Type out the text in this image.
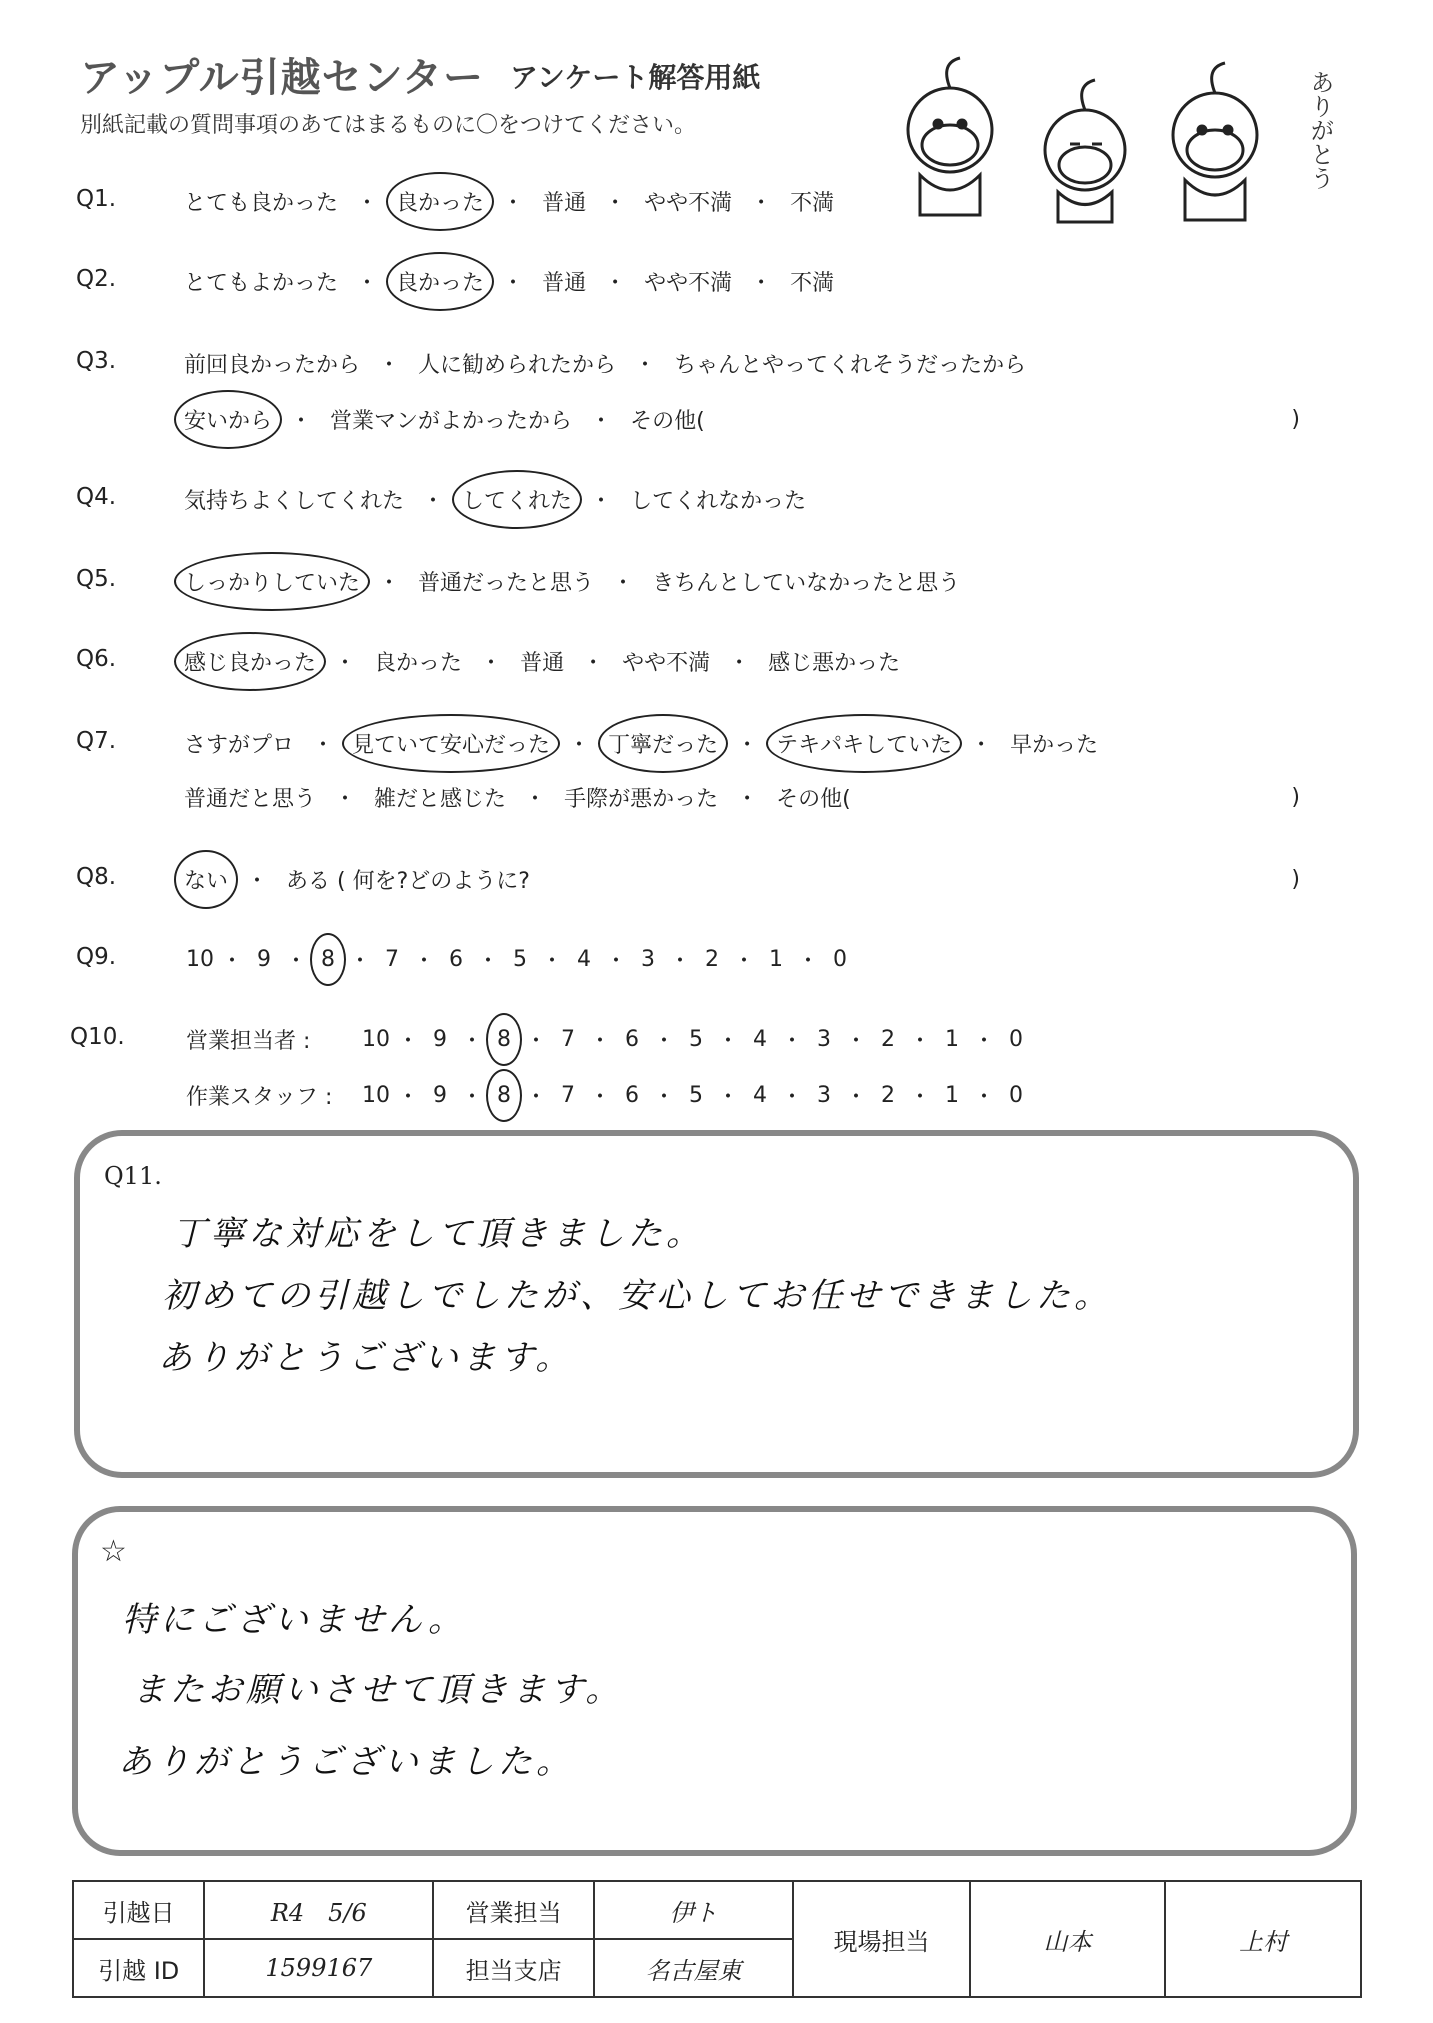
アップル引越センター アンケート解答用紙
別紙記載の質問事項のあてはまるものに〇をつけてください。	ありがとう
Q1.	とても良かった ・ 良かった ・ 普通 ・ やや不満 ・ 不満
Q2.	とてもよかった ・ 良かった ・ 普通 ・ やや不満 ・ 不満
Q3.	前回良かったから ・ 人に勧められたから ・ ちゃんとやってくれそうだったから
安いから ・ 営業マンがよかったから ・ その他(	)
Q4.	気持ちよくしてくれた ・ してくれた ・ してくれなかった
Q5.	しっかりしていた ・ 普通だったと思う ・ きちんとしていなかったと思う
Q6.	感じ良かった ・ 良かった ・ 普通 ・ やや不満 ・ 感じ悪かった
Q7.	さすがプロ ・ 見ていて安心だった ・ 丁寧だった ・ テキパキしていた ・ 早かった
普通だと思う ・ 雑だと感じた ・ 手際が悪かった ・ その他(	)
Q8.	ない ・ ある ( 何を?どのように?	)
Q9.	10 ・ 9 ・ 8 ・ 7 ・ 6 ・ 5 ・ 4 ・ 3 ・ 2 ・ 1 ・ 0
Q10.	営業担当者 :	10 ・ 9 ・ 8 ・ 7 ・ 6 ・ 5 ・ 4 ・ 3 ・ 2 ・ 1 ・ 0
作業スタッフ :	10 ・ 9 ・ 8 ・ 7 ・ 6 ・ 5 ・ 4 ・ 3 ・ 2 ・ 1 ・ 0
Q11.
丁寧な対応をして頂きました。
初めての引越しでしたが、安心してお任せできました。
ありがとうございます。
☆
特にございません。
またお願いさせて頂きます。
ありがとうございました。
引越日	R4　5/6	営業担当	伊ト	現場担当	山本	上村
引越 ID	1599167	担当支店	名古屋東			
